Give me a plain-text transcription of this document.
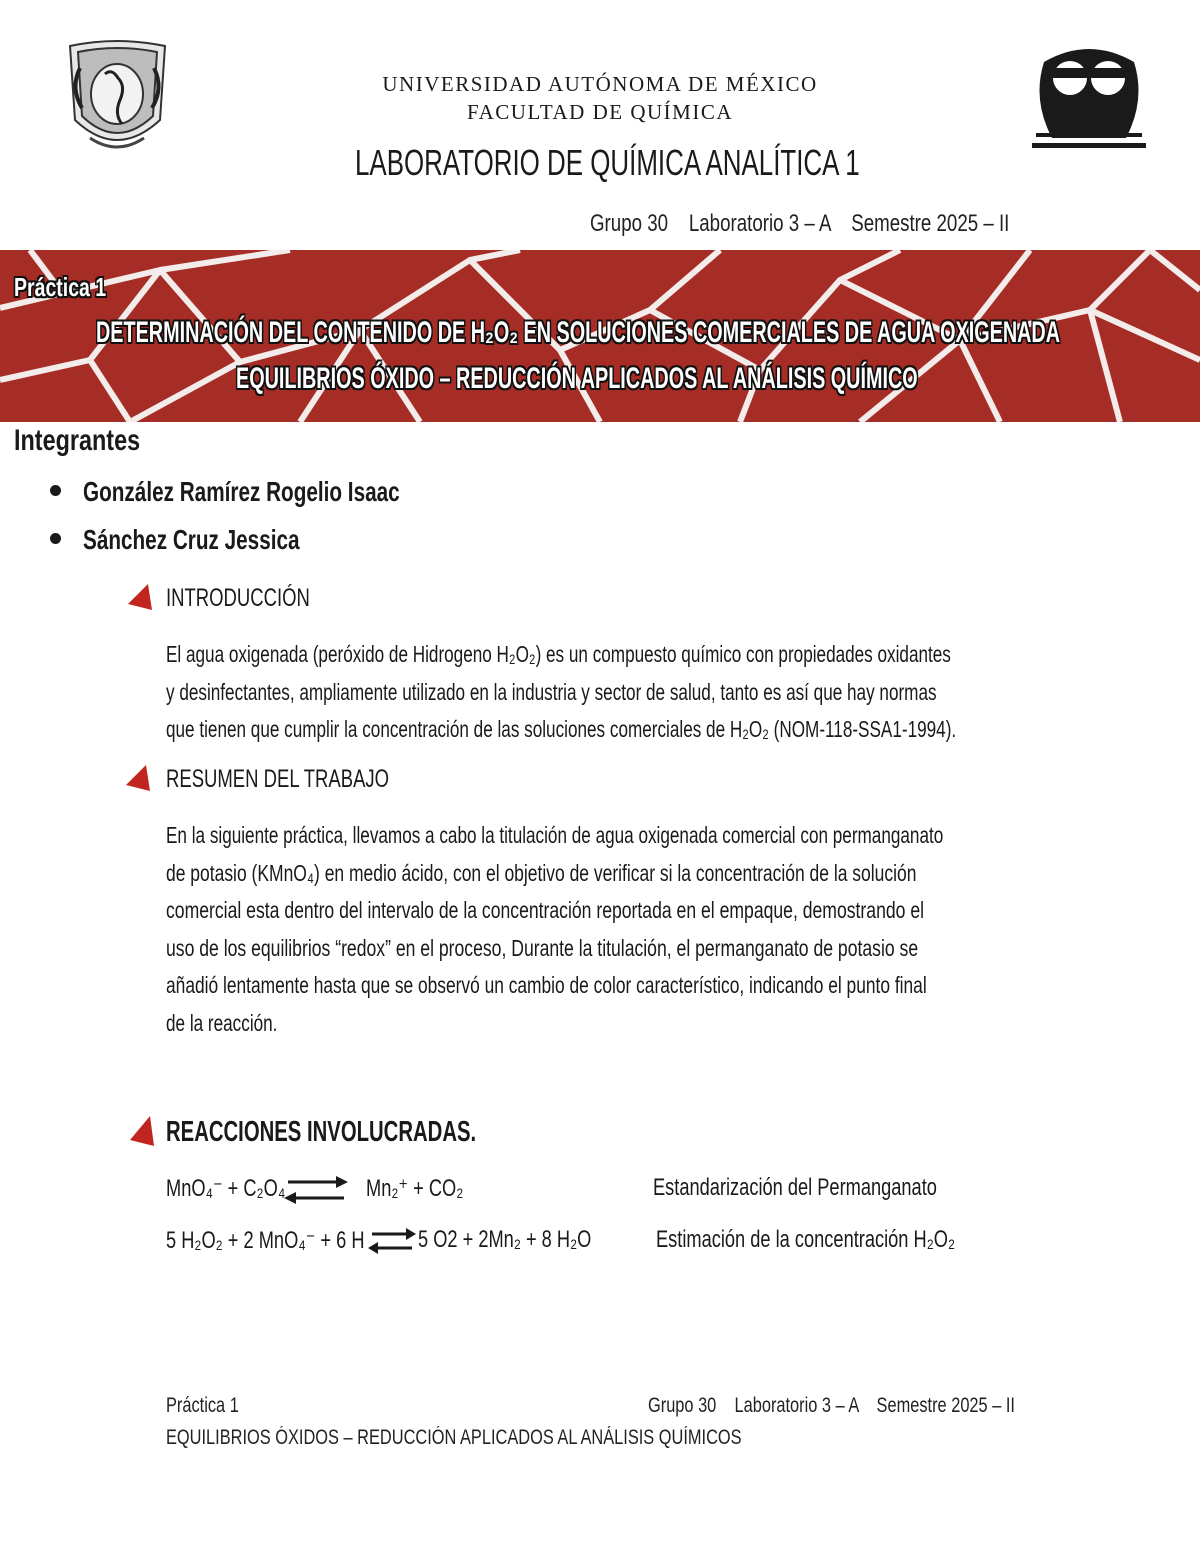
UNIVERSIDAD AUTÓNOMA DE MÉXICO
FACULTAD DE QUÍMICA
LABORATORIO DE QUÍMICA ANALÍTICA 1
Grupo 30    Laboratorio 3 – A    Semestre 2025 – II
Práctica 1
DETERMINACIÓN DEL CONTENIDO DE H₂O₂ EN SOLUCIONES COMERCIALES DE AGUA OXIGENADA
EQUILIBRIOS ÓXIDO – REDUCCIÓN APLICADOS AL ANÁLISIS QUÍMICO
Integrantes
González Ramírez Rogelio Isaac
Sánchez Cruz Jessica
INTRODUCCIÓN
El agua oxigenada (peróxido de Hidrogeno H₂O₂) es un compuesto químico con propiedades oxidantes
y desinfectantes, ampliamente utilizado en la industria y sector de salud, tanto es así que hay normas
que tienen que cumplir la concentración de las soluciones comerciales de H₂O₂ (NOM-118-SSA1-1994).
RESUMEN DEL TRABAJO
En la siguiente práctica, llevamos a cabo la titulación de agua oxigenada comercial con permanganato
de potasio (KMnO₄) en medio ácido, con el objetivo de verificar si la concentración de la solución
comercial esta dentro del intervalo de la concentración reportada en el empaque, demostrando el
uso de los equilibrios “redox” en el proceso, Durante la titulación, el permanganato de potasio se
añadió lentamente hasta que se observó un cambio de color característico, indicando el punto final
de la reacción.
REACCIONES INVOLUCRADAS.
MnO₄⁻ + C₂O₄	Mn₂⁺ + CO₂	Estandarización del Permanganato
5 H₂O₂ + 2 MnO₄⁻ + 6 H ⇌ 5 O2 + 2Mn₂ + 8 H₂O	Estimación de la concentración H₂O₂
Práctica 1	Grupo 30    Laboratorio 3 – A    Semestre 2025 – II
EQUILIBRIOS ÓXIDOS – REDUCCIÓN APLICADOS AL ANÁLISIS QUÍMICOS
